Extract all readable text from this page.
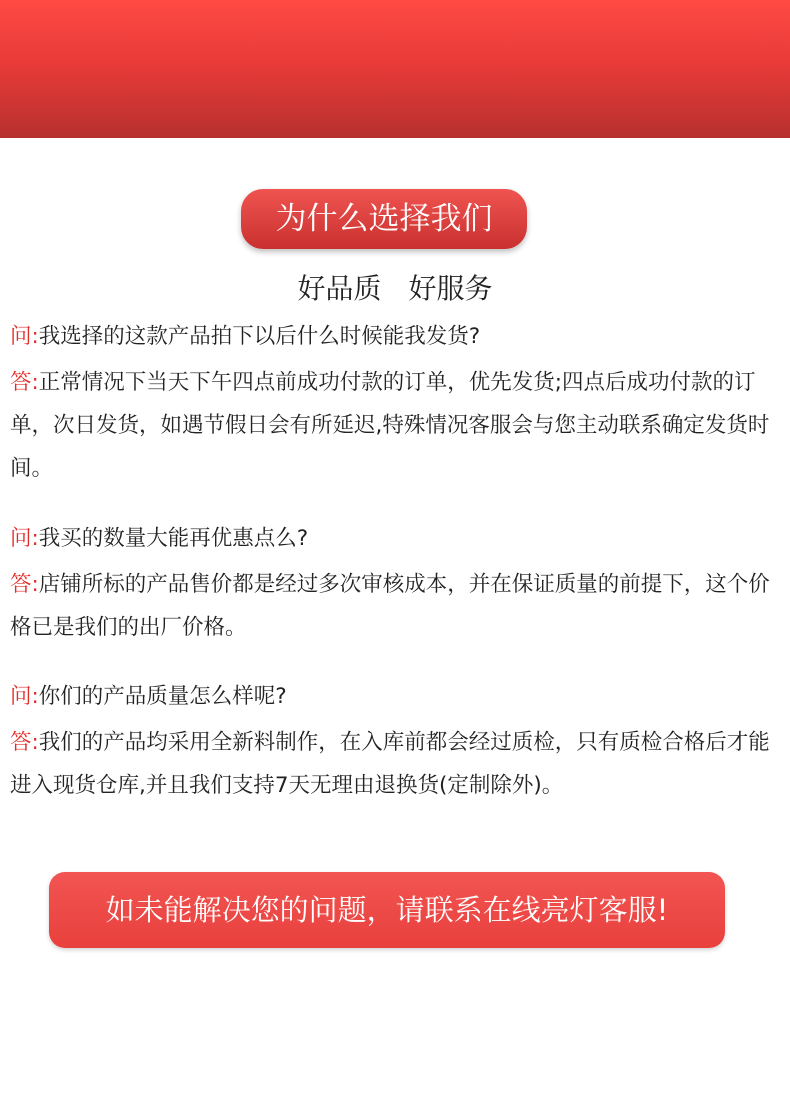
为什么选择我们
好品质 好服务

问:我选择的这款产品拍下以后什么时候能我发货?

答:正常情况下当天下午四点前成功付款的订单，优先发货;四点后成功付款的订单，次日发货，如遇节假日会有所延迟,特殊情况客服会与您主动联系确定发货时间。

问:我买的数量大能再优惠点么?

答:店铺所标的产品售价都是经过多次审核成本，并在保证质量的前提下，这个价格已是我们的出厂价格。

问:你们的产品质量怎么样呢?

答:我们的产品均采用全新料制作，在入库前都会经过质检，只有质检合格后才能进入现货仓库,并且我们支持7天无理由退换货(定制除外)。

如未能解决您的问题，请联系在线亮灯客服!
